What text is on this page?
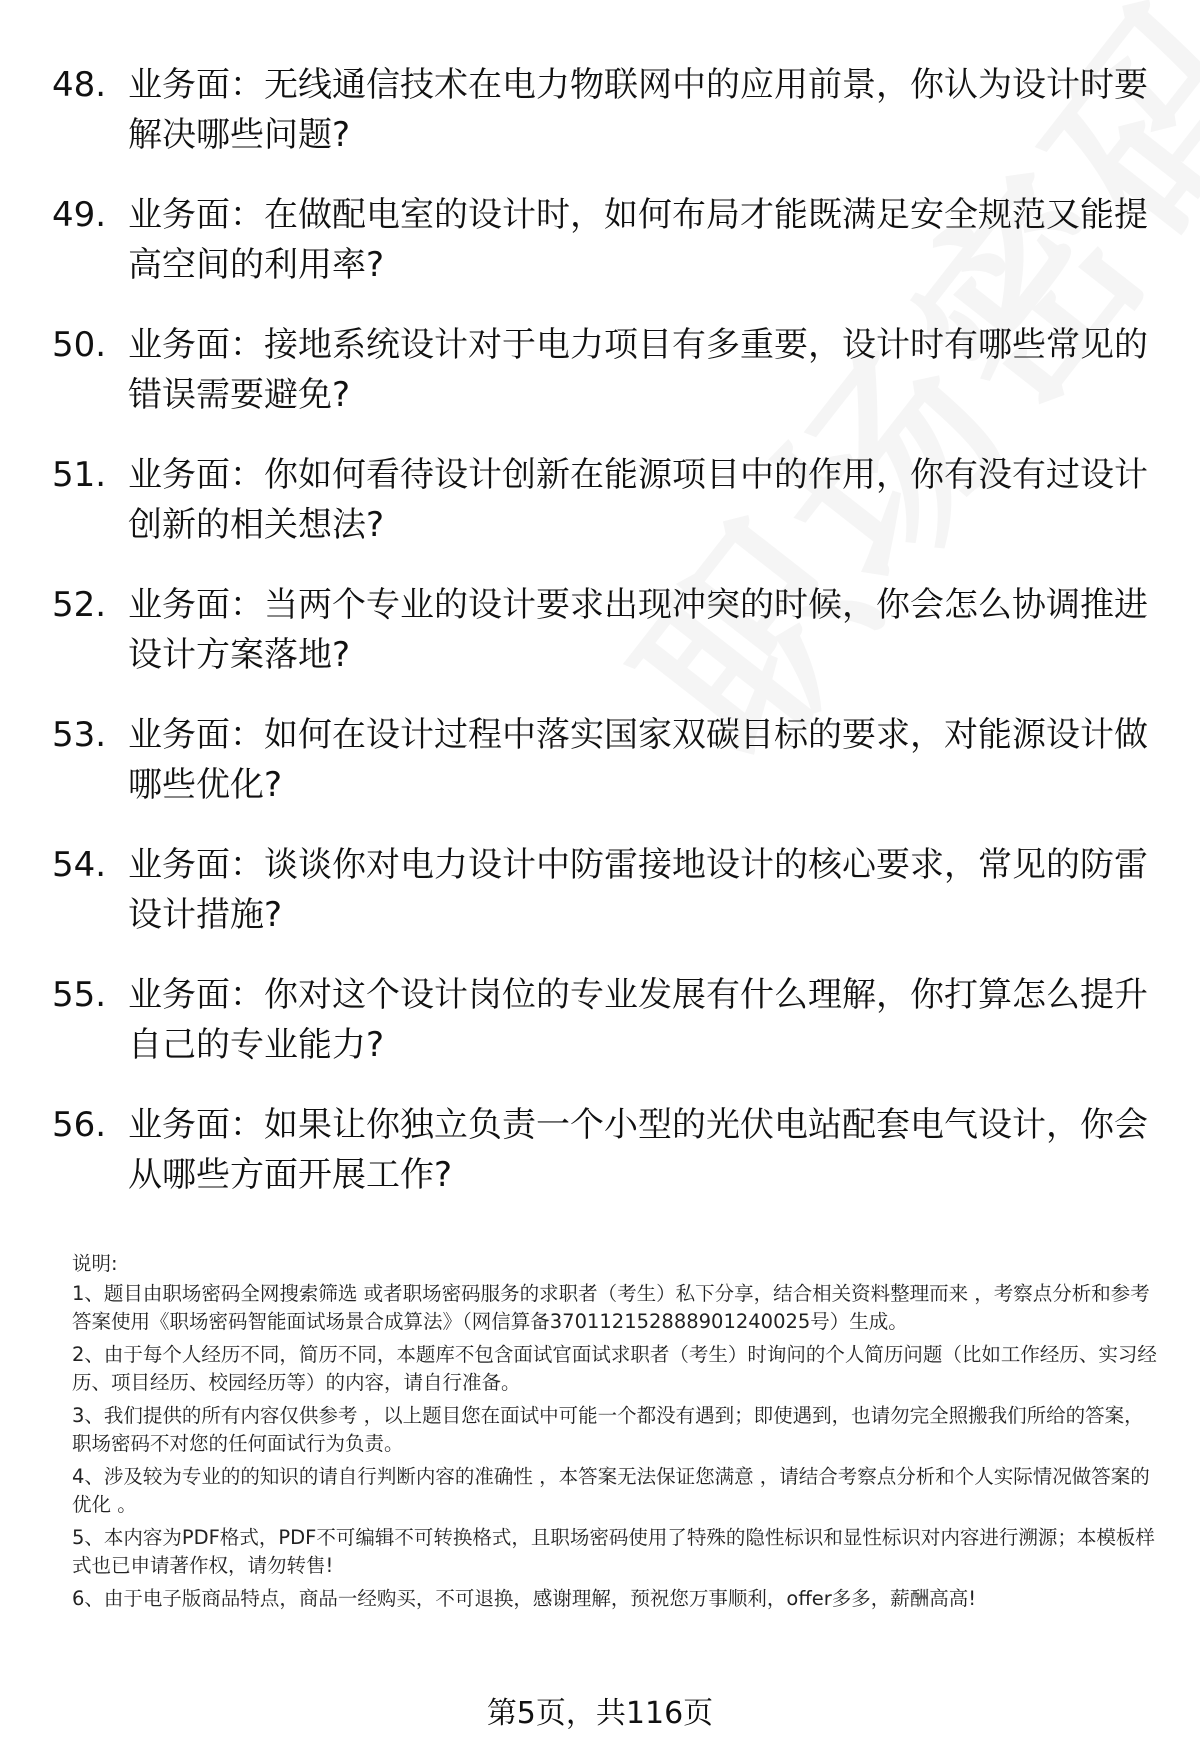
48. 业务面：无线通信技术在电力物联网中的应用前景，你认为设计时要解决哪些问题?
49. 业务面：在做配电室的设计时，如何布局才能既满足安全规范又能提高空间的利用率?
50. 业务面：接地系统设计对于电力项目有多重要，设计时有哪些常见的错误需要避免?
51. 业务面：你如何看待设计创新在能源项目中的作用，你有没有过设计创新的相关想法?
52. 业务面：当两个专业的设计要求出现冲突的时候，你会怎么协调推进设计方案落地?
53. 业务面：如何在设计过程中落实国家双碳目标的要求，对能源设计做哪些优化?
54. 业务面：谈谈你对电力设计中防雷接地设计的核心要求，常见的防雷设计措施?
55. 业务面：你对这个设计岗位的专业发展有什么理解，你打算怎么提升自己的专业能力?
56. 业务面：如果让你独立负责一个小型的光伏电站配套电气设计，你会从哪些方面开展工作?
说明:

1、题目由职场密码全网搜索筛选 或者职场密码服务的求职者（考生）私下分享，结合相关资料整理而来 ，考察点分析和参考答案使用《职场密码智能面试场景合成算法》（网信算备370112152888901240025号）生成。

2、由于每个人经历不同，简历不同，本题库不包含面试官面试求职者（考生）时询问的个人简历问题（比如工作经历、实习经历、项目经历、校园经历等）的内容，请自行准备。

3、我们提供的所有内容仅供参考 ，以上题目您在面试中可能一个都没有遇到；即使遇到，也请勿完全照搬我们所给的答案，职场密码不对您的任何面试行为负责。

4、涉及较为专业的的知识的请自行判断内容的准确性 ，本答案无法保证您满意 ，请结合考察点分析和个人实际情况做答案的优化 。

5、本内容为PDF格式，PDF不可编辑不可转换格式，且职场密码使用了特殊的隐性标识和显性标识对内容进行溯源；本模板样式也已申请著作权，请勿转售!

6、由于电子版商品特点，商品一经购买，不可退换，感谢理解，预祝您万事顺利，offer多多，薪酬高高!

第5页，共116页
